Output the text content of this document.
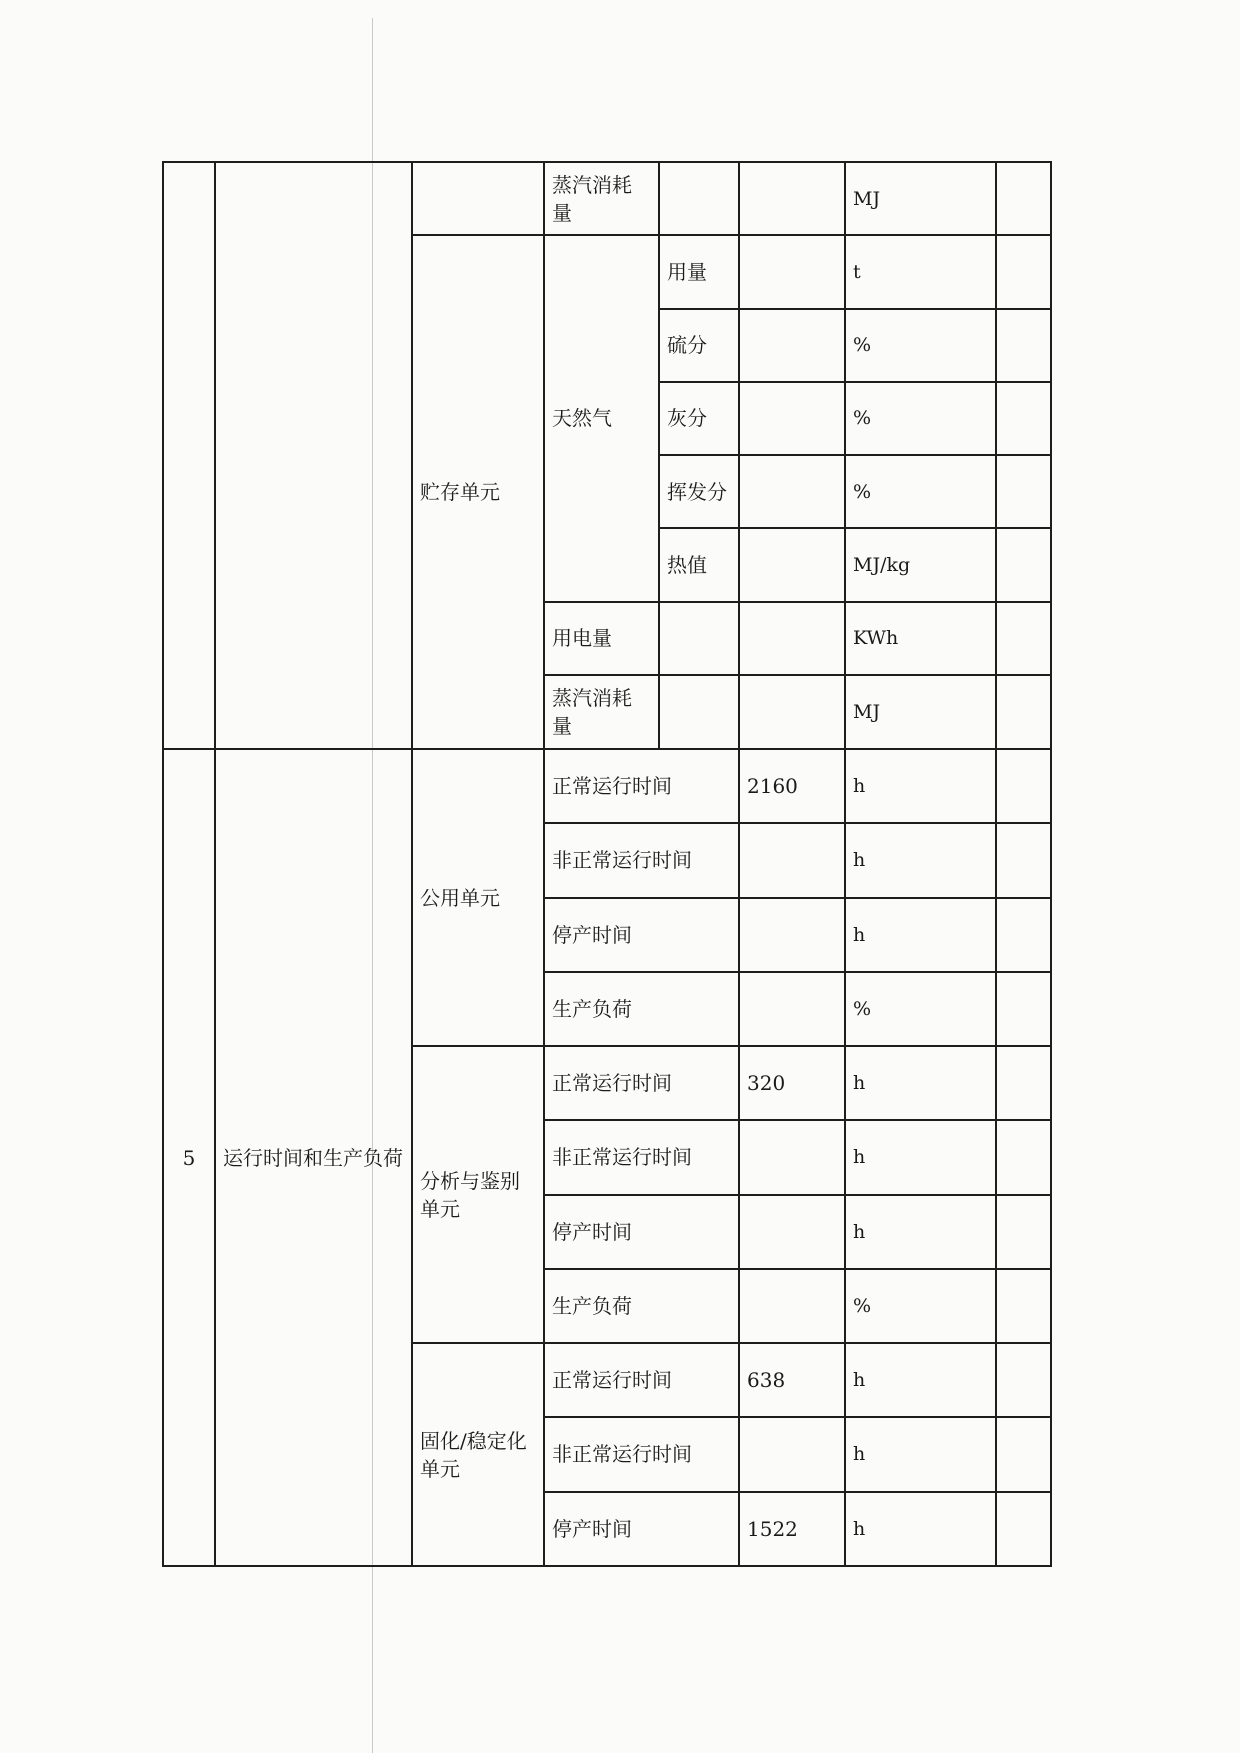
			蒸汽消耗量			MJ	
		贮存单元	天然气	用量		t	
				硫分		%	
				灰分		%	
				挥发分		%	
				热值		MJ/kg	
			用电量			KWh	
			蒸汽消耗量			MJ	
5	运行时间和生产负荷	公用单元	正常运行时间		2160	h	
			非正常运行时间			h	
			停产时间			h	
			生产负荷			%	
		分析与鉴别单元	正常运行时间		320	h	
			非正常运行时间			h	
			停产时间			h	
			生产负荷			%	
		固化/稳定化单元	正常运行时间		638	h	
			非正常运行时间			h	
			停产时间		1522	h	
